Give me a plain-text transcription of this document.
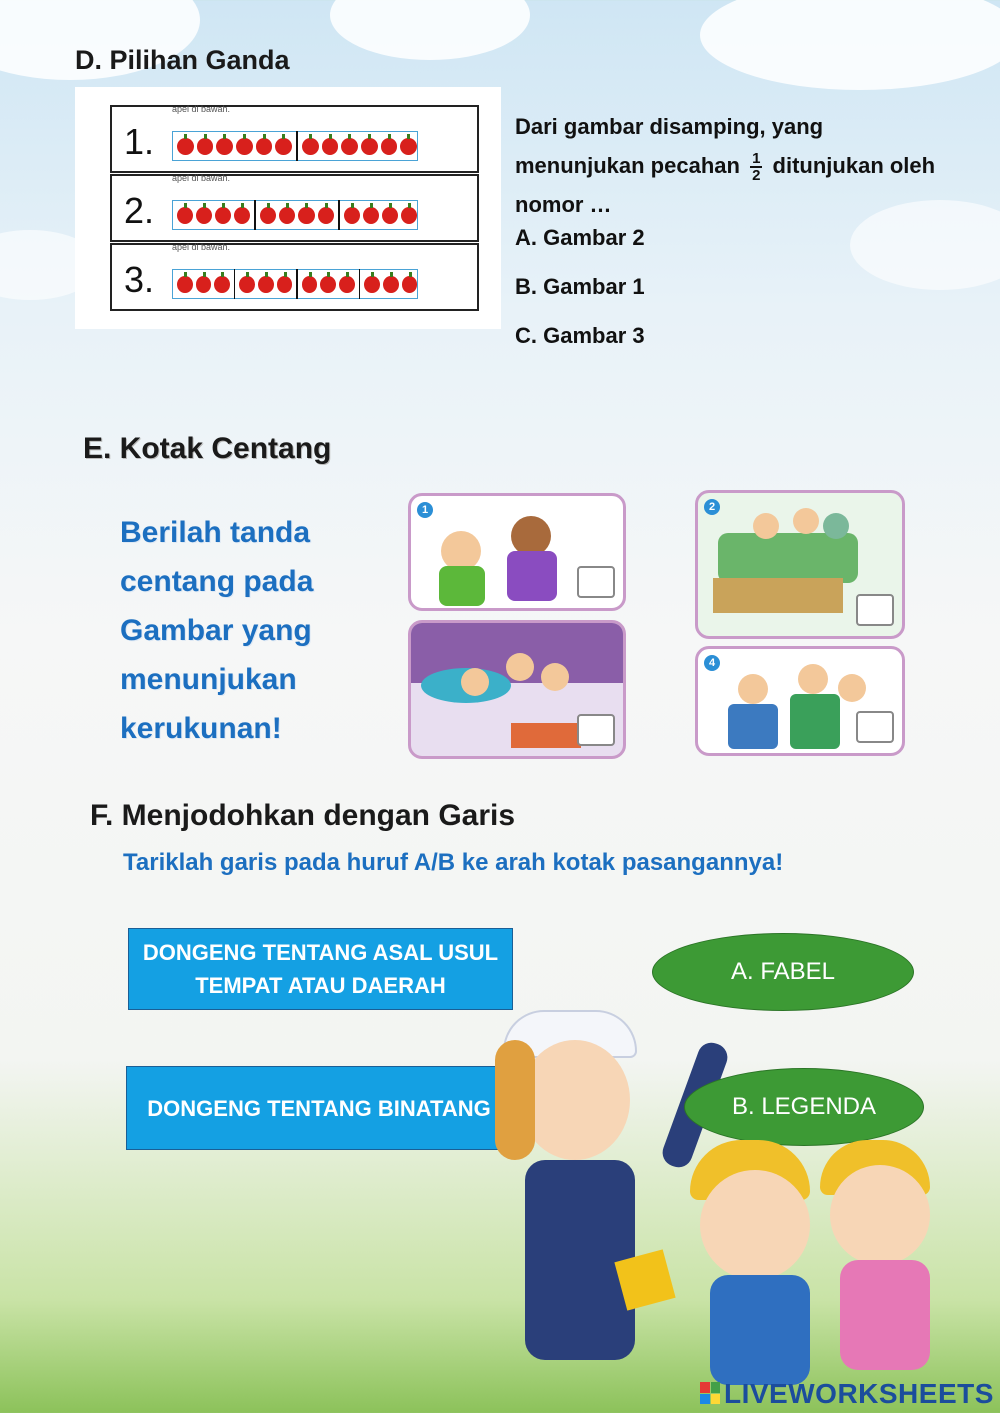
D. Pilihan Ganda
apel di bawah.
1.
apel di bawah.
2.
apel di bawah.
3.
Dari gambar disamping, yang
menunjukan pecahan $\frac{1}{2}$ ditunjukan oleh
nomor …
A. Gambar 2
B. Gambar 1
C. Gambar 3
E. Kotak Centang
Berilah tanda
centang pada
Gambar yang
menunjukan
kerukunan!
1	2
4
F. Menjodohkan dengan Garis
Tariklah garis pada huruf A/B ke arah kotak pasangannya!
DONGENG TENTANG ASAL USUL TEMPAT ATAU DAERAH
DONGENG TENTANG BINATANG
A. FABEL
B. LEGENDA
LIVEWORKSHEETS
